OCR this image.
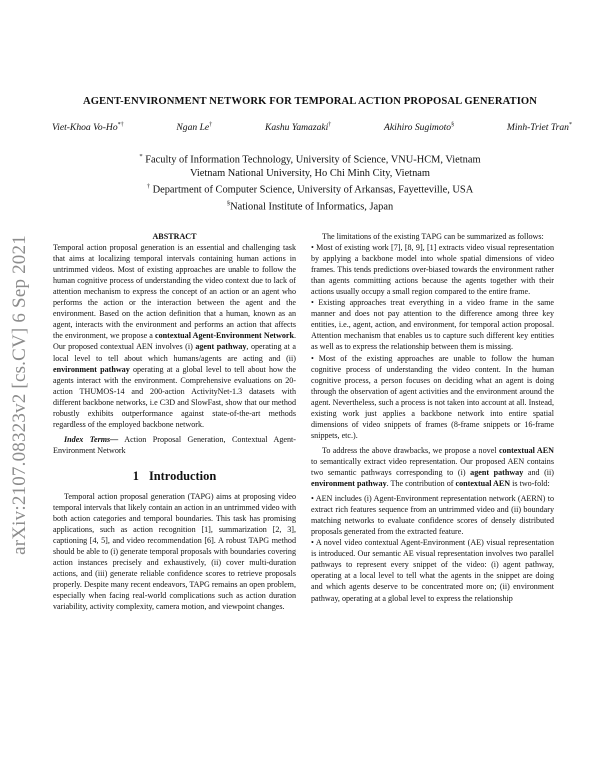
arXiv:2107.08323v2 [cs.CV] 6 Sep 2021
AGENT-ENVIRONMENT NETWORK FOR TEMPORAL ACTION PROPOSAL GENERATION
Viet-Khoa Vo-Ho*†	Ngan Le†	Kashu Yamazaki†	Akihiro Sugimoto§	Minh-Triet Tran*
* Faculty of Information Technology, University of Science, VNU-HCM, Vietnam
Vietnam National University, Ho Chi Minh City, Vietnam
† Department of Computer Science, University of Arkansas, Fayetteville, USA
§National Institute of Informatics, Japan
ABSTRACT

Temporal action proposal generation is an essential and challenging task that aims at localizing temporal intervals containing human actions in untrimmed videos. Most of existing approaches are unable to follow the human cognitive process of understanding the video context due to lack of attention mechanism to express the concept of an action or an agent who performs the action or the interaction between the agent and the environment. Based on the action definition that a human, known as an agent, interacts with the environment and performs an action that affects the environment, we propose a contextual Agent-Environment Network. Our proposed contextual AEN involves (i) agent pathway, operating at a local level to tell about which humans/agents are acting and (ii) environment pathway operating at a global level to tell about how the agents interact with the environment. Comprehensive evaluations on 20-action THUMOS-14 and 200-action ActivityNet-1.3 datasets with different backbone networks, i.e C3D and SlowFast, show that our method robustly exhibits outperformance against state-of-the-art methods regardless of the employed backbone network.

Index Terms— Action Proposal Generation, Contextual Agent-Environment Network

1 Introduction

Temporal action proposal generation (TAPG) aims at proposing video temporal intervals that likely contain an action in an untrimmed video with both action categories and temporal boundaries. This task has promising applications, such as action recognition [1], summarization [2, 3], captioning [4, 5], and video recommendation [6]. A robust TAPG method should be able to (i) generate temporal proposals with boundaries covering action instances precisely and exhaustively, (ii) cover multi-duration actions, and (iii) generate reliable confidence scores to retrieve proposals properly. Despite many recent endeavors, TAPG remains an open problem, especially when facing real-world complications such as action duration variability, activity complexity, camera motion, and viewpoint changes.

The limitations of the existing TAPG can be summarized as follows:

• Most of existing work [7], [8, 9], [1] extracts video visual representation by applying a backbone model into whole spatial dimensions of video frames. This tends predictions over-biased towards the environment rather than agents committing actions because the agents together with their actions usually occupy a small region compared to the entire frame.

• Existing approaches treat everything in a video frame in the same manner and does not pay attention to the difference among three key entities, i.e., agent, action, and environment, for temporal action proposal. Attention mechanism that enables us to capture such different key entities as well as to express the relationship between them is missing.

• Most of the existing approaches are unable to follow the human cognitive process of understanding the video content. In the human cognitive process, a person focuses on deciding what an agent is doing through the observation of agent activities and the environment around the agent. Nevertheless, such a process is not taken into account at all. Instead, existing work just applies a backbone network into entire spatial dimensions of video snippets of frames (8-frame snippets or 16-frame snippets, etc.).

To address the above drawbacks, we propose a novel contextual AEN to semantically extract video representation. Our proposed AEN contains two semantic pathways corresponding to (i) agent pathway and (ii) environment pathway. The contribution of contextual AEN is two-fold:

• AEN includes (i) Agent-Environment representation network (AERN) to extract rich features sequence from an untrimmed video and (ii) boundary matching networks to evaluate confidence scores of densely distributed proposals generated from the extracted feature.

• A novel video contextual Agent-Environment (AE) visual representation is introduced. Our semantic AE visual representation involves two parallel pathways to represent every snippet of the video: (i) agent pathway, operating at a local level to tell what the agents in the snippet are doing and which agents deserve to be concentrated more on; (ii) environment pathway, operating at a global level to express the relationship
